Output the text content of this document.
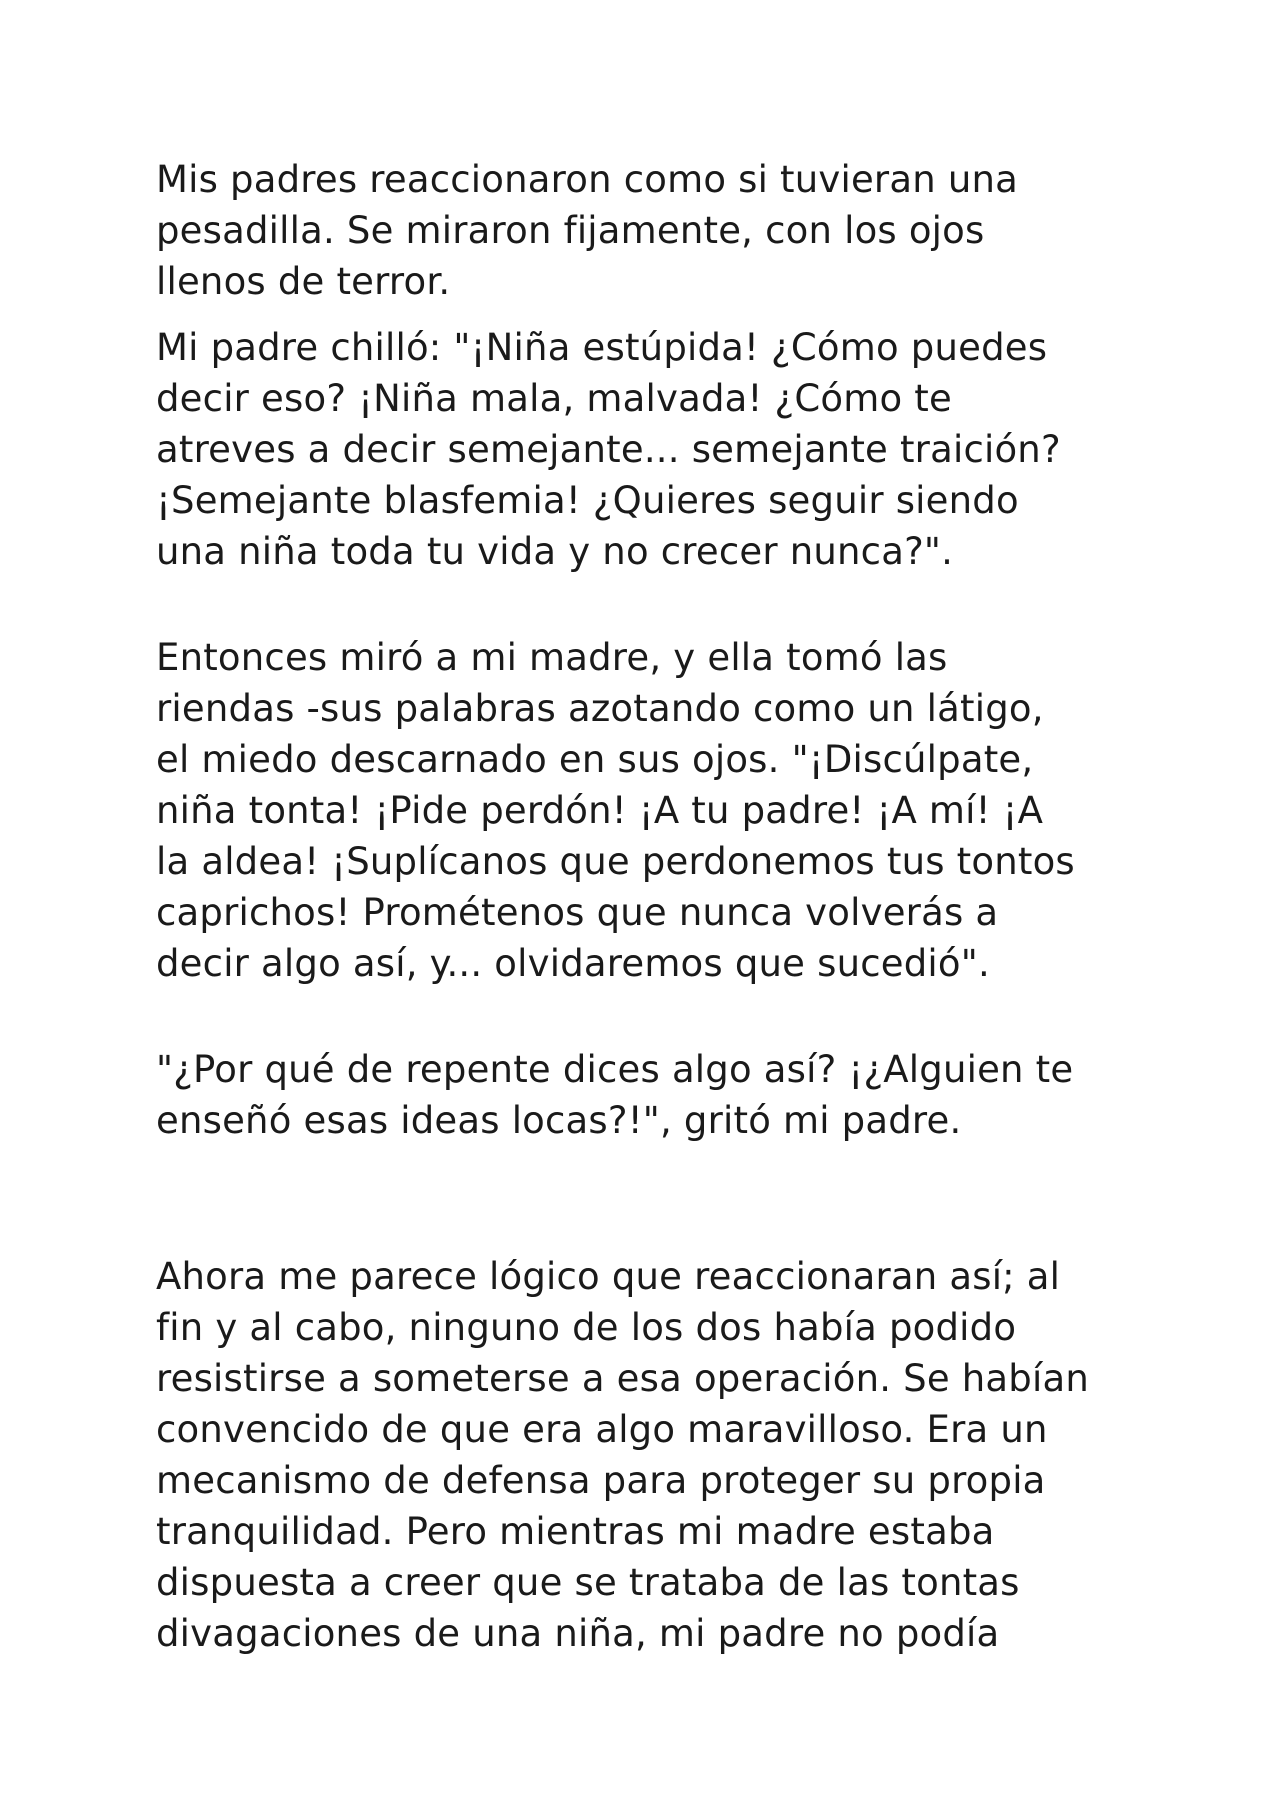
Mis padres reaccionaron como si tuvieran una
pesadilla. Se miraron fijamente, con los ojos
llenos de terror.

Mi padre chilló: "¡Niña estúpida! ¿Cómo puedes
decir eso? ¡Niña mala, malvada! ¿Cómo te
atreves a decir semejante... semejante traición?
¡Semejante blasfemia! ¿Quieres seguir siendo
una niña toda tu vida y no crecer nunca?".

Entonces miró a mi madre, y ella tomó las
riendas -sus palabras azotando como un látigo,
el miedo descarnado en sus ojos. "¡Discúlpate,
niña tonta! ¡Pide perdón! ¡A tu padre! ¡A mí! ¡A
la aldea! ¡Suplícanos que perdonemos tus tontos
caprichos! Prométenos que nunca volverás a
decir algo así, y... olvidaremos que sucedió".

"¿Por qué de repente dices algo así? ¡¿Alguien te
enseñó esas ideas locas?!", gritó mi padre.

Ahora me parece lógico que reaccionaran así; al
fin y al cabo, ninguno de los dos había podido
resistirse a someterse a esa operación. Se habían
convencido de que era algo maravilloso. Era un
mecanismo de defensa para proteger su propia
tranquilidad. Pero mientras mi madre estaba
dispuesta a creer que se trataba de las tontas
divagaciones de una niña, mi padre no podía
